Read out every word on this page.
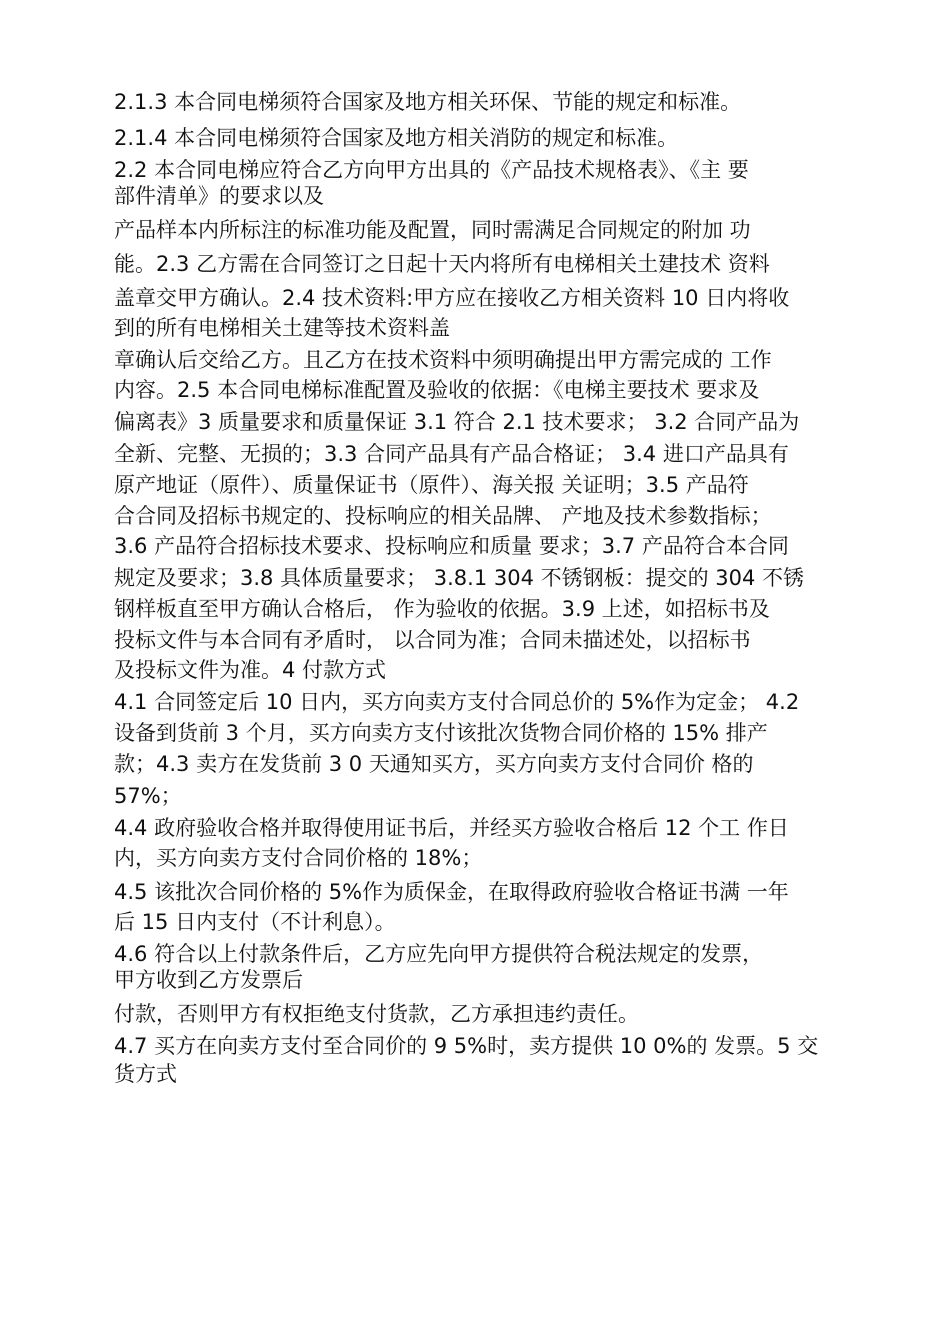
2.1.3 本合同电梯须符合国家及地方相关环保、节能的规定和标准。
2.1.4 本合同电梯须符合国家及地方相关消防的规定和标准。
2.2 本合同电梯应符合乙方向甲方出具的《产品技术规格表》、《主 要
部件清单》的要求以及
产品样本内所标注的标准功能及配置，同时需满足合同规定的附加 功
能。2.3 乙方需在合同签订之日起十天内将所有电梯相关土建技术 资料
盖章交甲方确认。2.4 技术资料:甲方应在接收乙方相关资料 10 日内将收
到的所有电梯相关土建等技术资料盖
章确认后交给乙方。且乙方在技术资料中须明确提出甲方需完成的 工作
内容。2.5 本合同电梯标准配置及验收的依据：《电梯主要技术 要求及
偏离表》3 质量要求和质量保证 3.1 符合 2.1 技术要求； 3.2 合同产品为
全新、完整、无损的；3.3 合同产品具有产品合格证； 3.4 进口产品具有
原产地证（原件）、质量保证书（原件）、海关报 关证明；3.5 产品符
合合同及招标书规定的、投标响应的相关品牌、 产地及技术参数指标；
3.6 产品符合招标技术要求、投标响应和质量 要求；3.7 产品符合本合同
规定及要求；3.8 具体质量要求； 3.8.1 304 不锈钢板：提交的 304 不锈
钢样板直至甲方确认合格后， 作为验收的依据。3.9 上述，如招标书及
投标文件与本合同有矛盾时， 以合同为准；合同未描述处，以招标书
及投标文件为准。4 付款方式
4.1 合同签定后 10 日内，买方向卖方支付合同总价的 5%作为定金； 4.2
设备到货前 3 个月，买方向卖方支付该批次货物合同价格的 15% 排产
款；4.3 卖方在发货前 3 0 天通知买方，买方向卖方支付合同价 格的
57%；
4.4 政府验收合格并取得使用证书后，并经买方验收合格后 12 个工 作日
内，买方向卖方支付合同价格的 18%；
4.5 该批次合同价格的 5%作为质保金，在取得政府验收合格证书满 一年
后 15 日内支付（不计利息）。
4.6 符合以上付款条件后，乙方应先向甲方提供符合税法规定的发票，
甲方收到乙方发票后
付款，否则甲方有权拒绝支付货款，乙方承担违约责任。
4.7 买方在向卖方支付至合同价的 9 5%时，卖方提供 10 0%的 发票。5 交
货方式
